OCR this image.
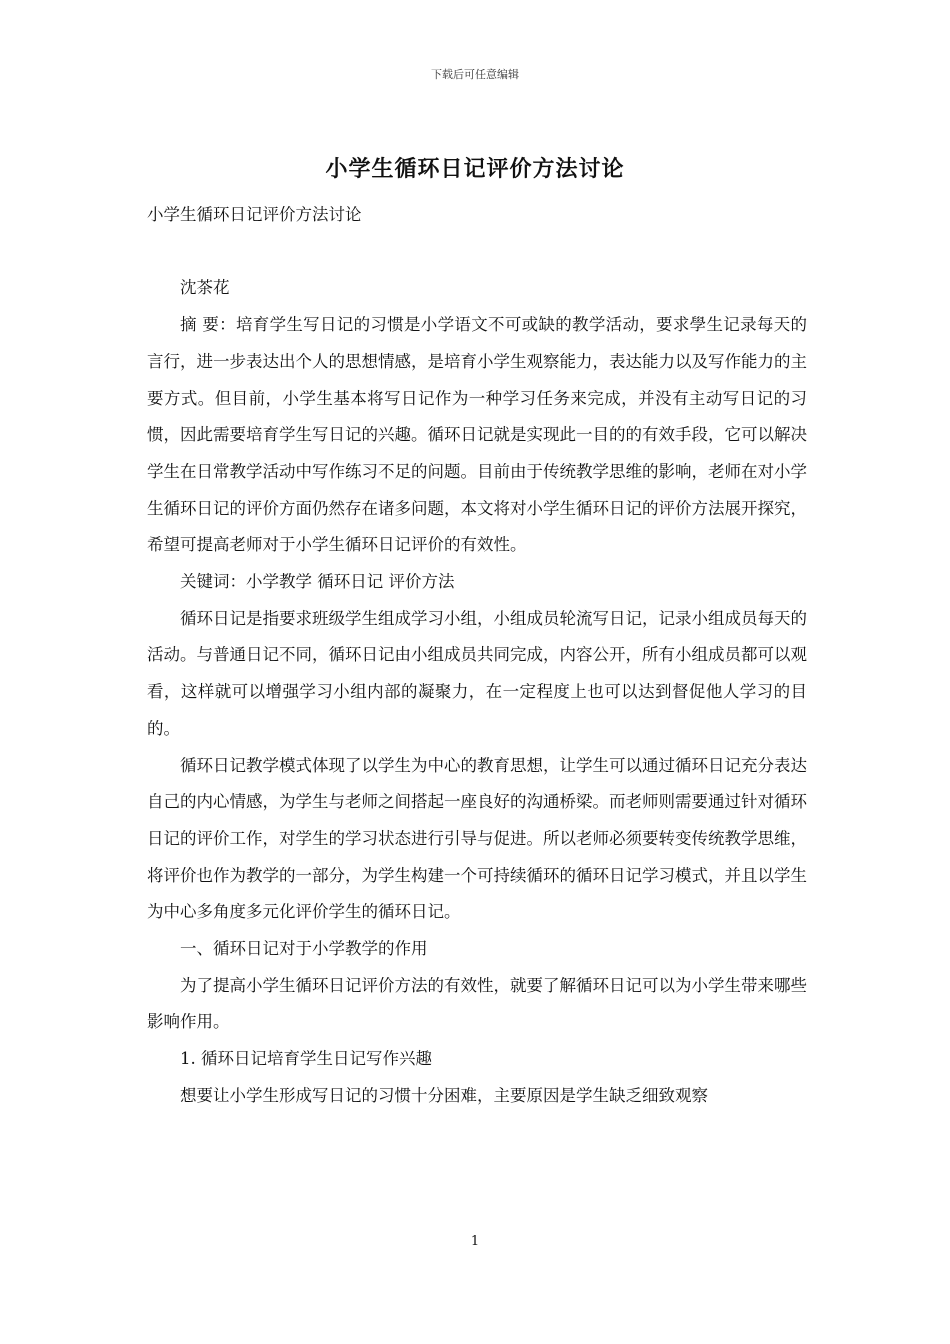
下载后可任意编辑
小学生循环日记评价方法讨论

小学生循环日记评价方法讨论

沈茶花

摘 要：培育学生写日记的习惯是小学语文不可或缺的教学活动，要求學生记录每天的言行，进一步表达出个人的思想情感，是培育小学生观察能力，表达能力以及写作能力的主要方式。但目前，小学生基本将写日记作为一种学习任务来完成，并没有主动写日记的习惯，因此需要培育学生写日记的兴趣。循环日记就是实现此一目的的有效手段，它可以解决学生在日常教学活动中写作练习不足的问题。目前由于传统教学思维的影响，老师在对小学生循环日记的评价方面仍然存在诸多问题，本文将对小学生循环日记的评价方法展开探究，希望可提高老师对于小学生循环日记评价的有效性。

关键词：小学教学 循环日记 评价方法

循环日记是指要求班级学生组成学习小组，小组成员轮流写日记，记录小组成员每天的活动。与普通日记不同，循环日记由小组成员共同完成，内容公开，所有小组成员都可以观看，这样就可以增强学习小组内部的凝聚力，在一定程度上也可以达到督促他人学习的目的。

循环日记教学模式体现了以学生为中心的教育思想，让学生可以通过循环日记充分表达自己的内心情感，为学生与老师之间搭起一座良好的沟通桥梁。而老师则需要通过针对循环日记的评价工作，对学生的学习状态进行引导与促进。所以老师必须要转变传统教学思维，将评价也作为教学的一部分，为学生构建一个可持续循环的循环日记学习模式，并且以学生为中心多角度多元化评价学生的循环日记。

一、循环日记对于小学教学的作用

为了提高小学生循环日记评价方法的有效性，就要了解循环日记可以为小学生带来哪些影响作用。

1. 循环日记培育学生日记写作兴趣

想要让小学生形成写日记的习惯十分困难，主要原因是学生缺乏细致观察

1
